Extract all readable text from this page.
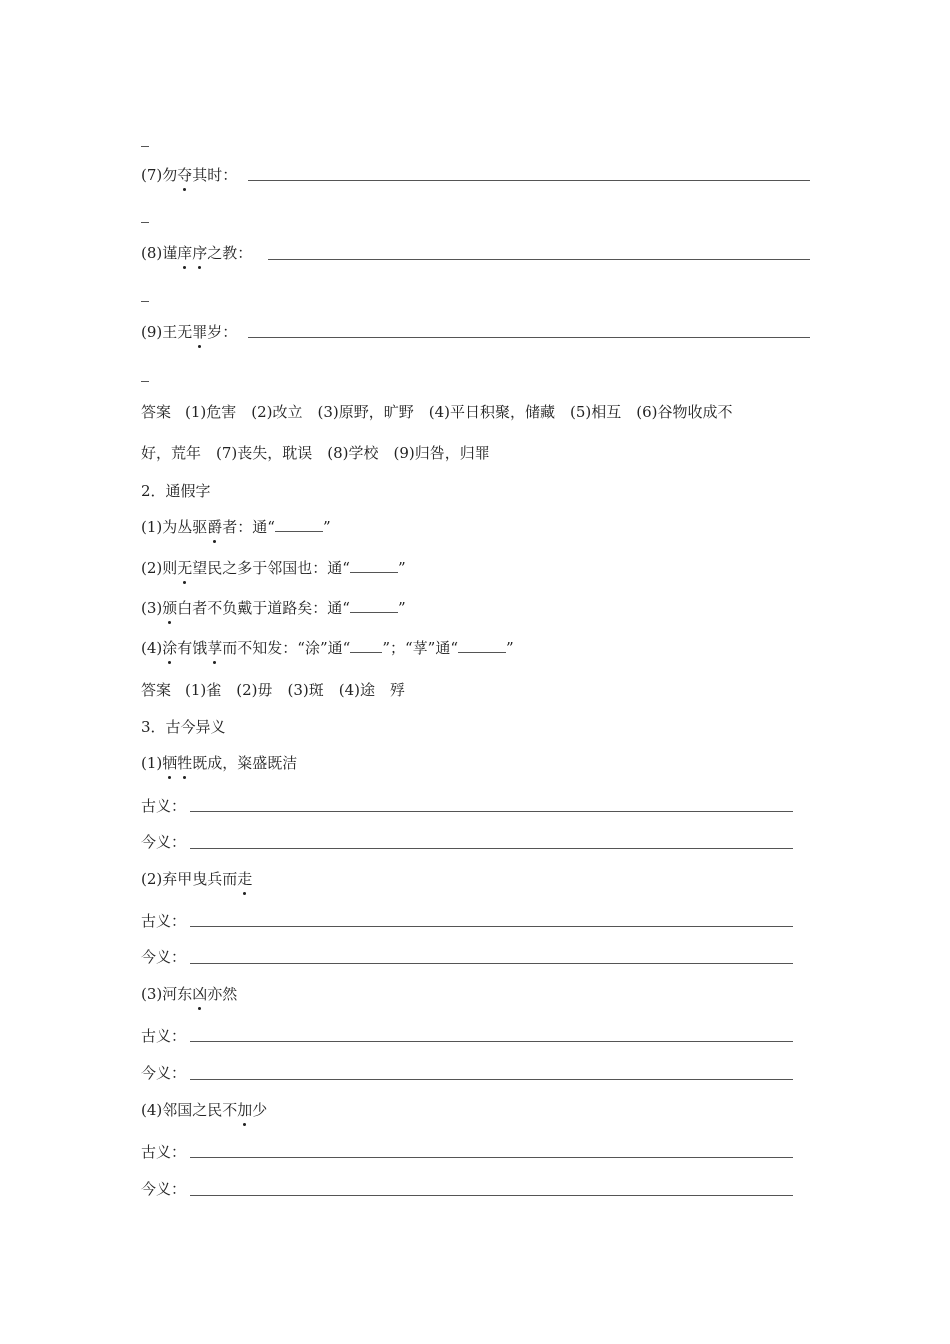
(7)勿夺其时：
(8)谨庠序之教：
(9)王无罪岁：
答案 (1)危害　(2)改立　(3)原野，旷野　(4)平日积聚，储藏　(5)相互　(6)谷物收成不
好，荒年　(7)丧失，耽误　(8)学校　(9)归咎，归罪
2．通假字
(1)为丛驱爵者：通“	”
(2)则无望民之多于邻国也：通“	”
(3)颁白者不负戴于道路矣：通“	”
(4)涂有饿莩而不知发：“涂”通“ ”；“莩”通“	”
答案 (1)雀　(2)毋　(3)斑　(4)途　殍
3．古今异义
(1)牺牲既成，粢盛既洁
古义：
今义：
(2)弃甲曳兵而走
古义：
今义：
(3)河东凶亦然
古义：
今义：
(4)邻国之民不加少
古义：
今义：
